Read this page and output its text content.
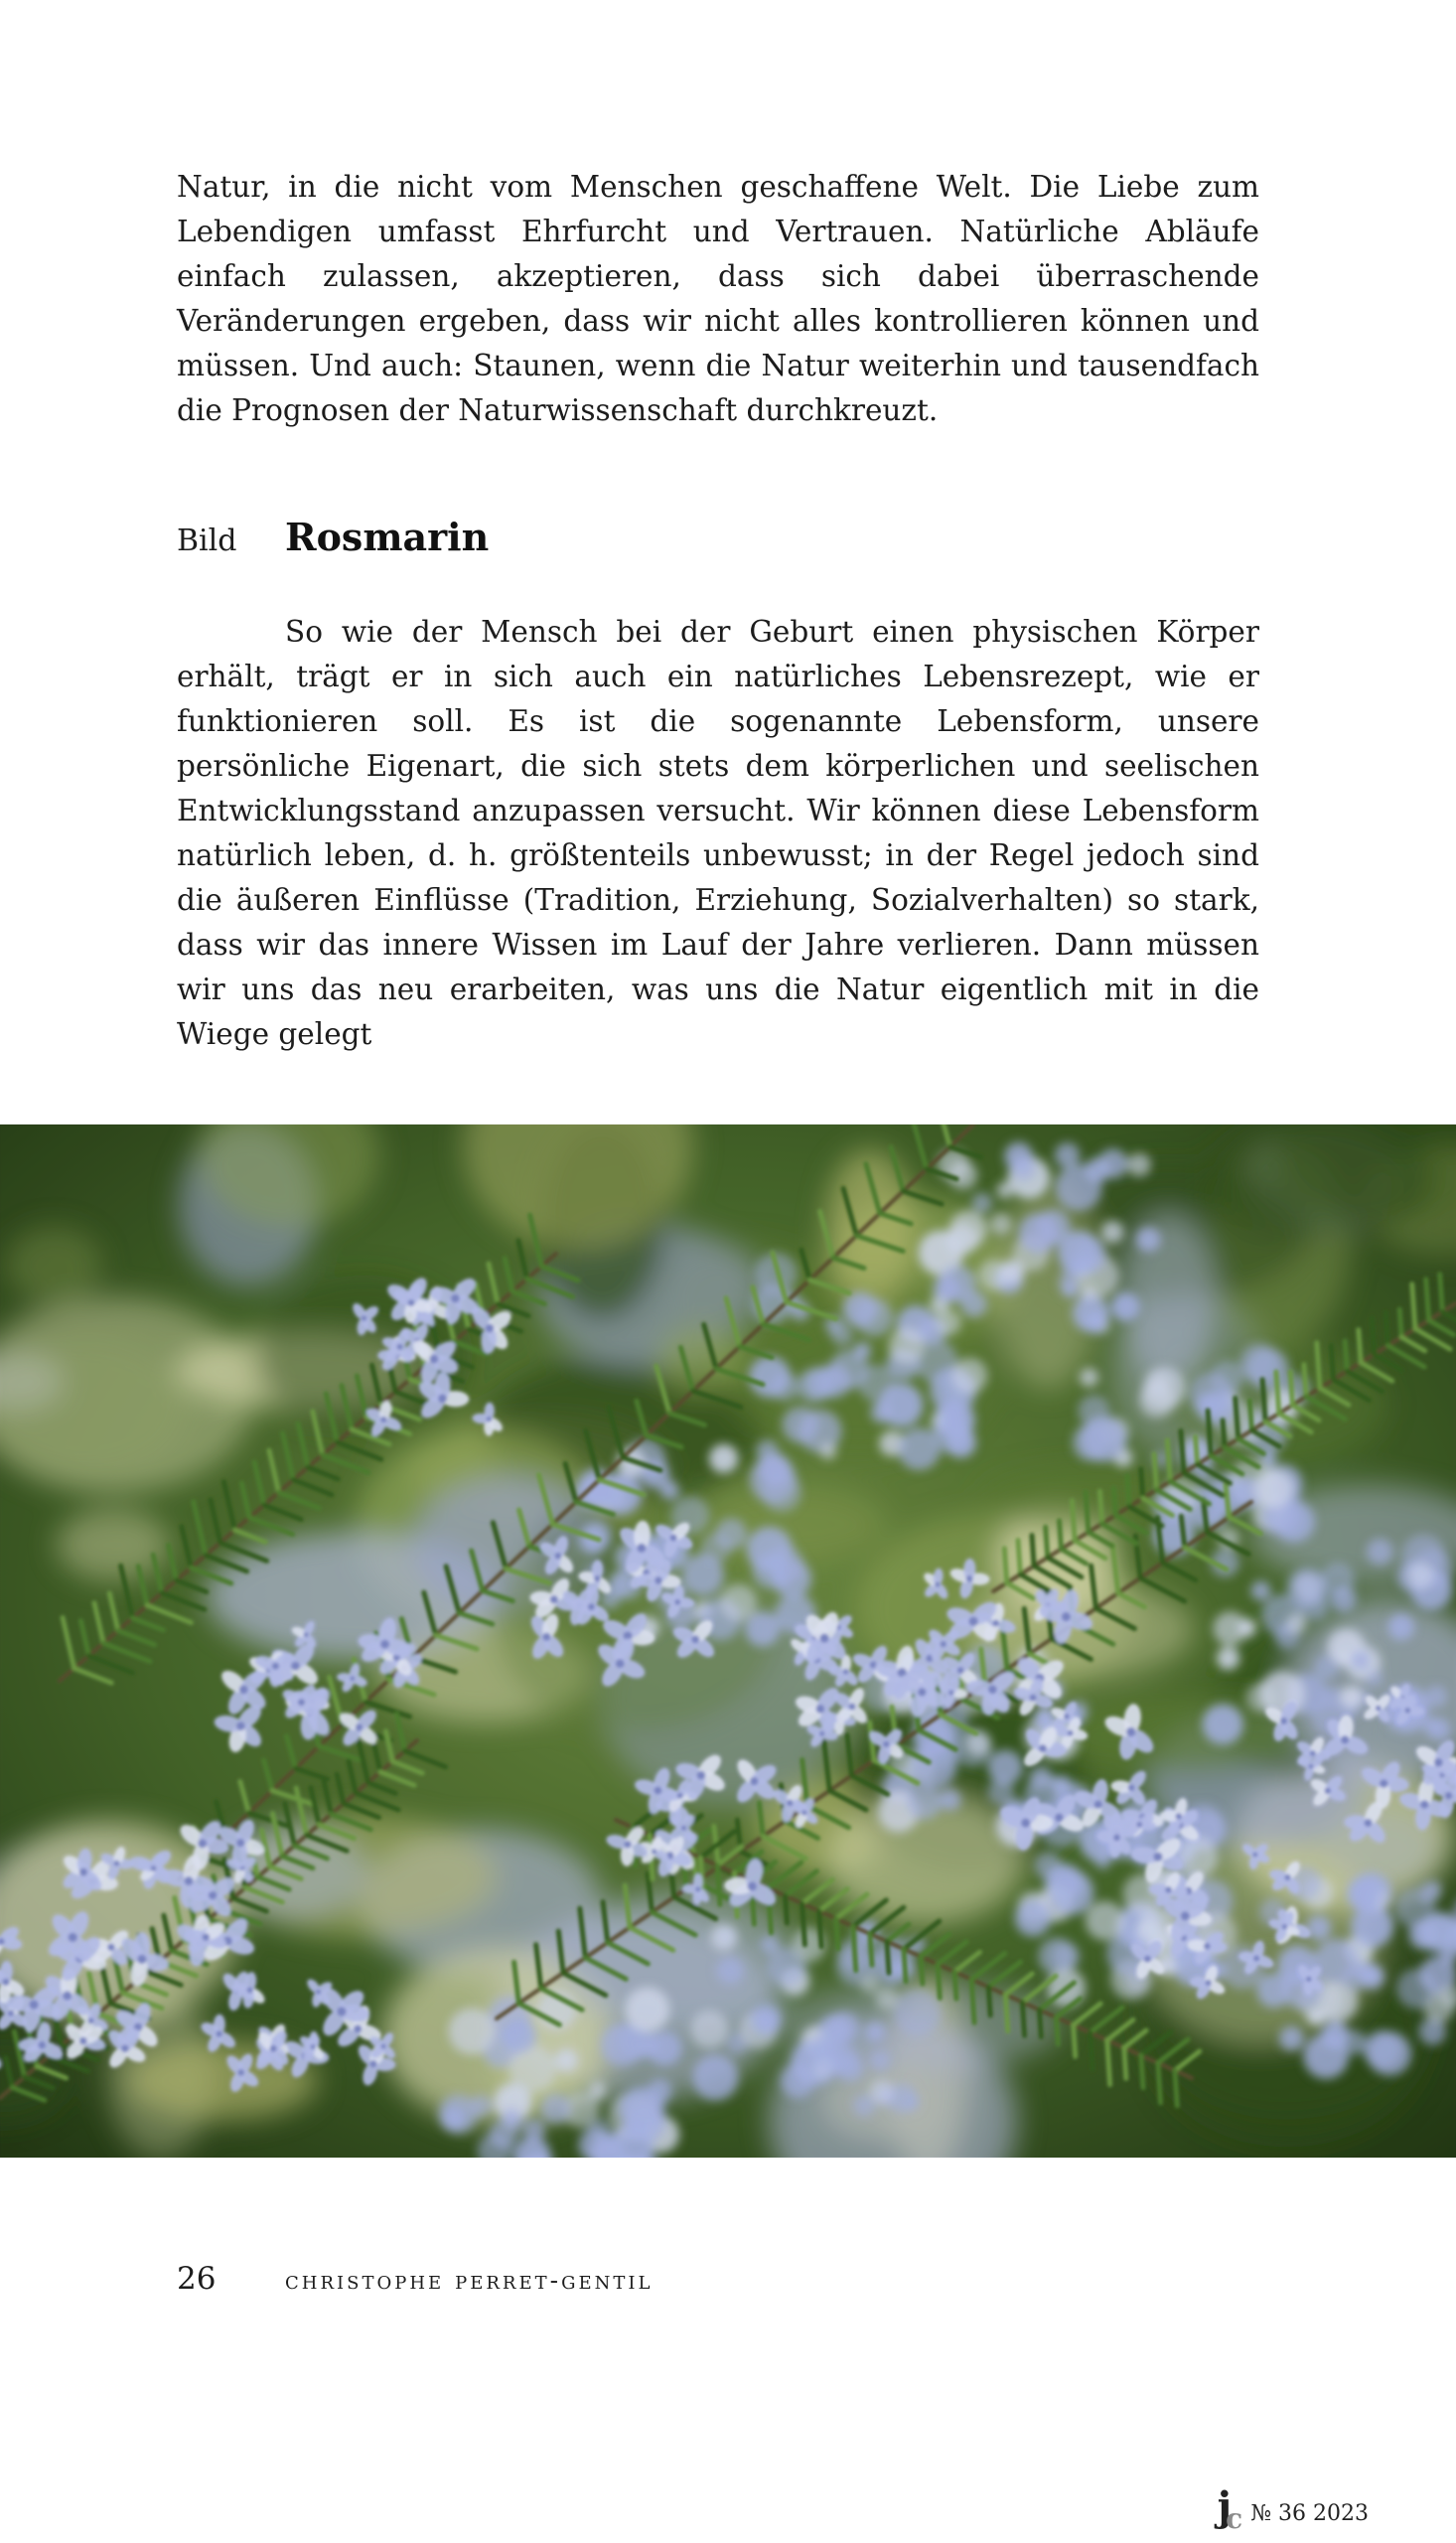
Natur, in die nicht vom Menschen geschaffene Welt. Die Liebe zum Lebendigen umfasst Ehrfurcht und Vertrauen. Natürliche Abläufe einfach zulassen, akzeptieren, dass sich dabei überraschende Veränderungen ergeben, dass wir nicht alles kontrollieren können und müssen. Und auch: Staunen, wenn die Natur weiterhin und tausendfach die Prognosen der Naturwissenschaft durchkreuzt.

Bild	Rosmarin

So wie der Mensch bei der Geburt einen physischen Körper erhält, trägt er in sich auch ein natürliches Lebensrezept, wie er funktionieren soll. Es ist die sogenannte Lebensform, unsere persönliche Eigenart, die sich stets dem körperlichen und seelischen Entwicklungsstand anzupassen versucht. Wir können diese Lebensform natürlich leben, d. h. größtenteils unbewusst; in der Regel jedoch sind die äußeren Einflüsse (Tradition, Erziehung, Sozialverhalten) so stark, dass wir das innere Wissen im Lauf der Jahre verlieren. Dann müssen wir uns das neu erarbeiten, was uns die Natur eigentlich mit in die Wiege gelegt

26	christophe perret-gentil
$j_c$ № 36 2023
